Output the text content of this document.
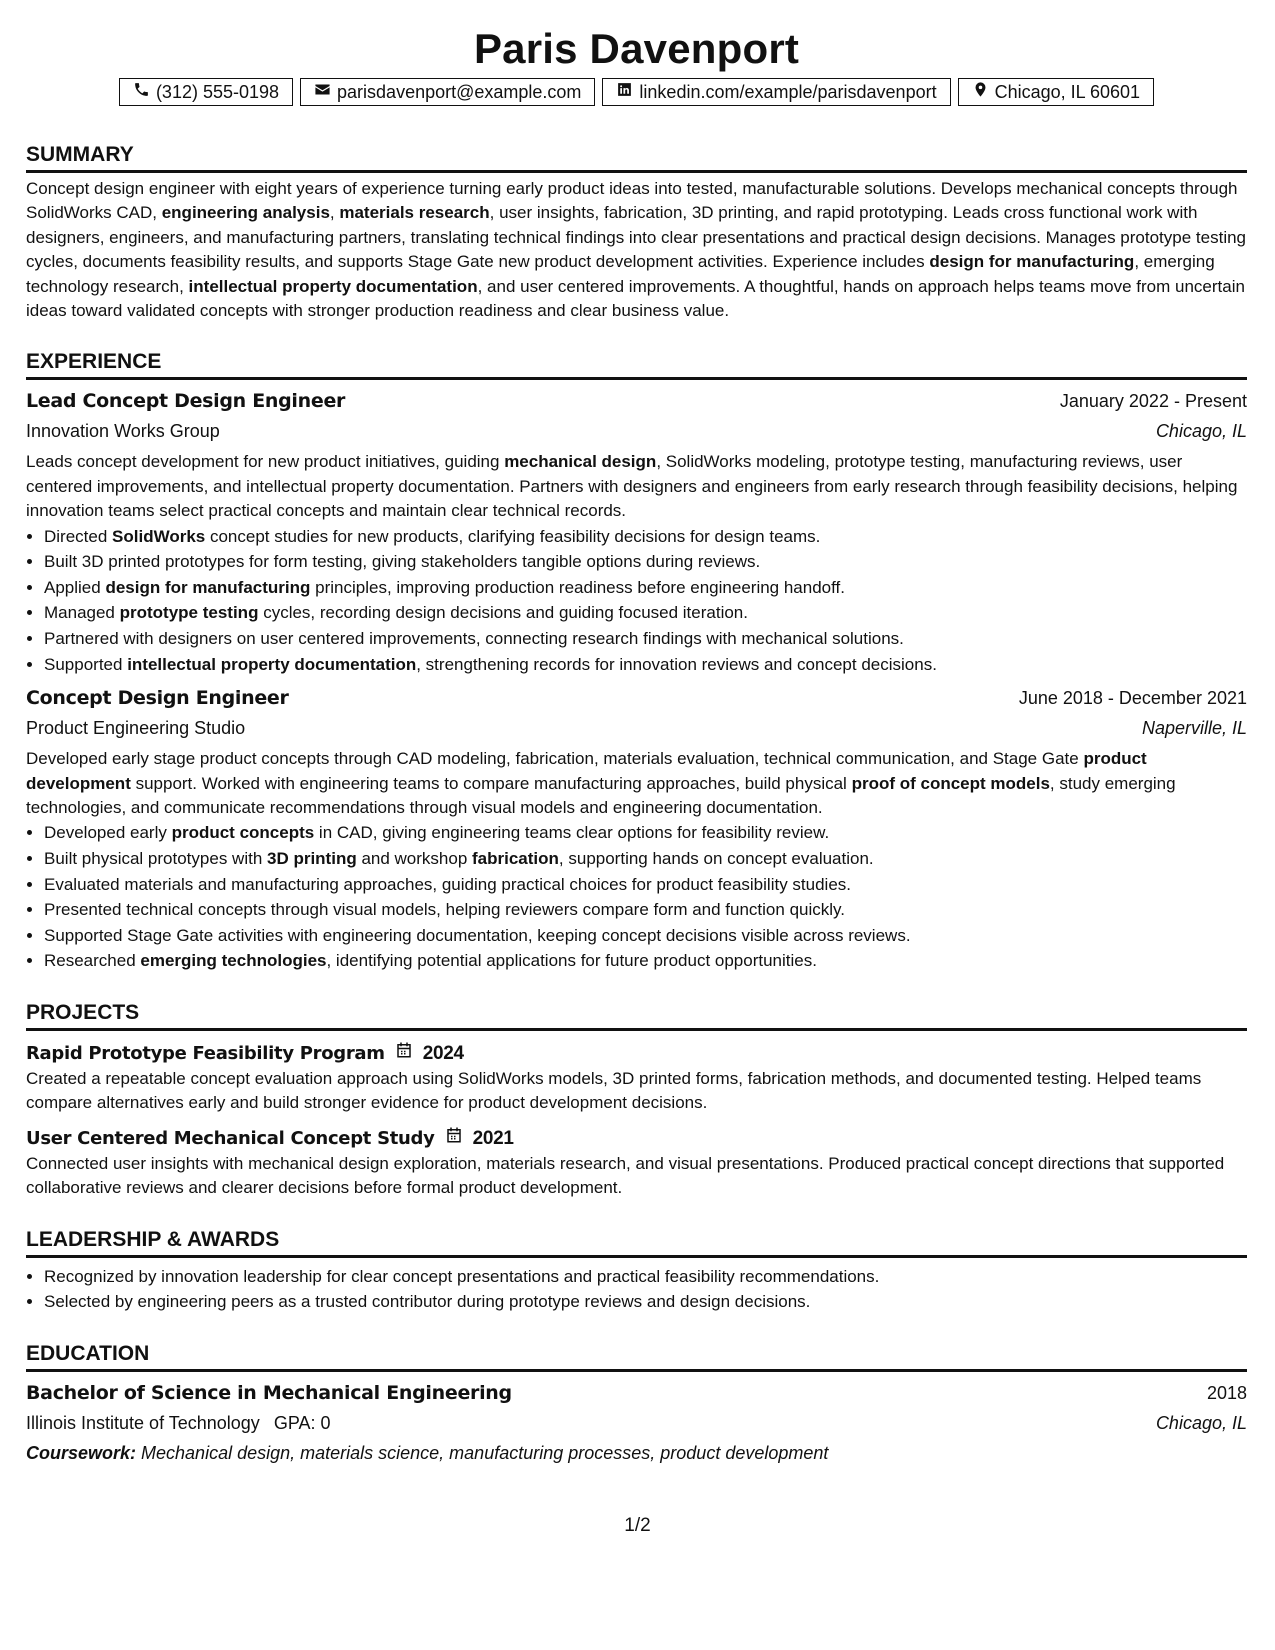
Paris Davenport
(312) 555-0198	parisdavenport@example.com	linkedin.com/example/parisdavenport	Chicago, IL 60601
SUMMARY
Concept design engineer with eight years of experience turning early product ideas into tested, manufacturable solutions. Develops mechanical concepts through SolidWorks CAD, engineering analysis, materials research, user insights, fabrication, 3D printing, and rapid prototyping. Leads cross functional work with designers, engineers, and manufacturing partners, translating technical findings into clear presentations and practical design decisions. Manages prototype testing cycles, documents feasibility results, and supports Stage Gate new product development activities. Experience includes design for manufacturing, emerging technology research, intellectual property documentation, and user centered improvements. A thoughtful, hands on approach helps teams move from uncertain ideas toward validated concepts with stronger production readiness and clear business value.
EXPERIENCE
Lead Concept Design Engineer	January 2022 - Present
Innovation Works Group	Chicago, IL
Leads concept development for new product initiatives, guiding mechanical design, SolidWorks modeling, prototype testing, manufacturing reviews, user centered improvements, and intellectual property documentation. Partners with designers and engineers from early research through feasibility decisions, helping innovation teams select practical concepts and maintain clear technical records.
• Directed SolidWorks concept studies for new products, clarifying feasibility decisions for design teams.
• Built 3D printed prototypes for form testing, giving stakeholders tangible options during reviews.
• Applied design for manufacturing principles, improving production readiness before engineering handoff.
• Managed prototype testing cycles, recording design decisions and guiding focused iteration.
• Partnered with designers on user centered improvements, connecting research findings with mechanical solutions.
• Supported intellectual property documentation, strengthening records for innovation reviews and concept decisions.
Concept Design Engineer	June 2018 - December 2021
Product Engineering Studio	Naperville, IL
Developed early stage product concepts through CAD modeling, fabrication, materials evaluation, technical communication, and Stage Gate product development support. Worked with engineering teams to compare manufacturing approaches, build physical proof of concept models, study emerging technologies, and communicate recommendations through visual models and engineering documentation.
• Developed early product concepts in CAD, giving engineering teams clear options for feasibility review.
• Built physical prototypes with 3D printing and workshop fabrication, supporting hands on concept evaluation.
• Evaluated materials and manufacturing approaches, guiding practical choices for product feasibility studies.
• Presented technical concepts through visual models, helping reviewers compare form and function quickly.
• Supported Stage Gate activities with engineering documentation, keeping concept decisions visible across reviews.
• Researched emerging technologies, identifying potential applications for future product opportunities.
PROJECTS
Rapid Prototype Feasibility Program 2024
Created a repeatable concept evaluation approach using SolidWorks models, 3D printed forms, fabrication methods, and documented testing. Helped teams compare alternatives early and build stronger evidence for product development decisions.
User Centered Mechanical Concept Study 2021
Connected user insights with mechanical design exploration, materials research, and visual presentations. Produced practical concept directions that supported collaborative reviews and clearer decisions before formal product development.
LEADERSHIP & AWARDS
• Recognized by innovation leadership for clear concept presentations and practical feasibility recommendations.
• Selected by engineering peers as a trusted contributor during prototype reviews and design decisions.
EDUCATION
Bachelor of Science in Mechanical Engineering	2018
Illinois Institute of Technology GPA: 0	Chicago, IL
Coursework: Mechanical design, materials science, manufacturing processes, product development
1/2
